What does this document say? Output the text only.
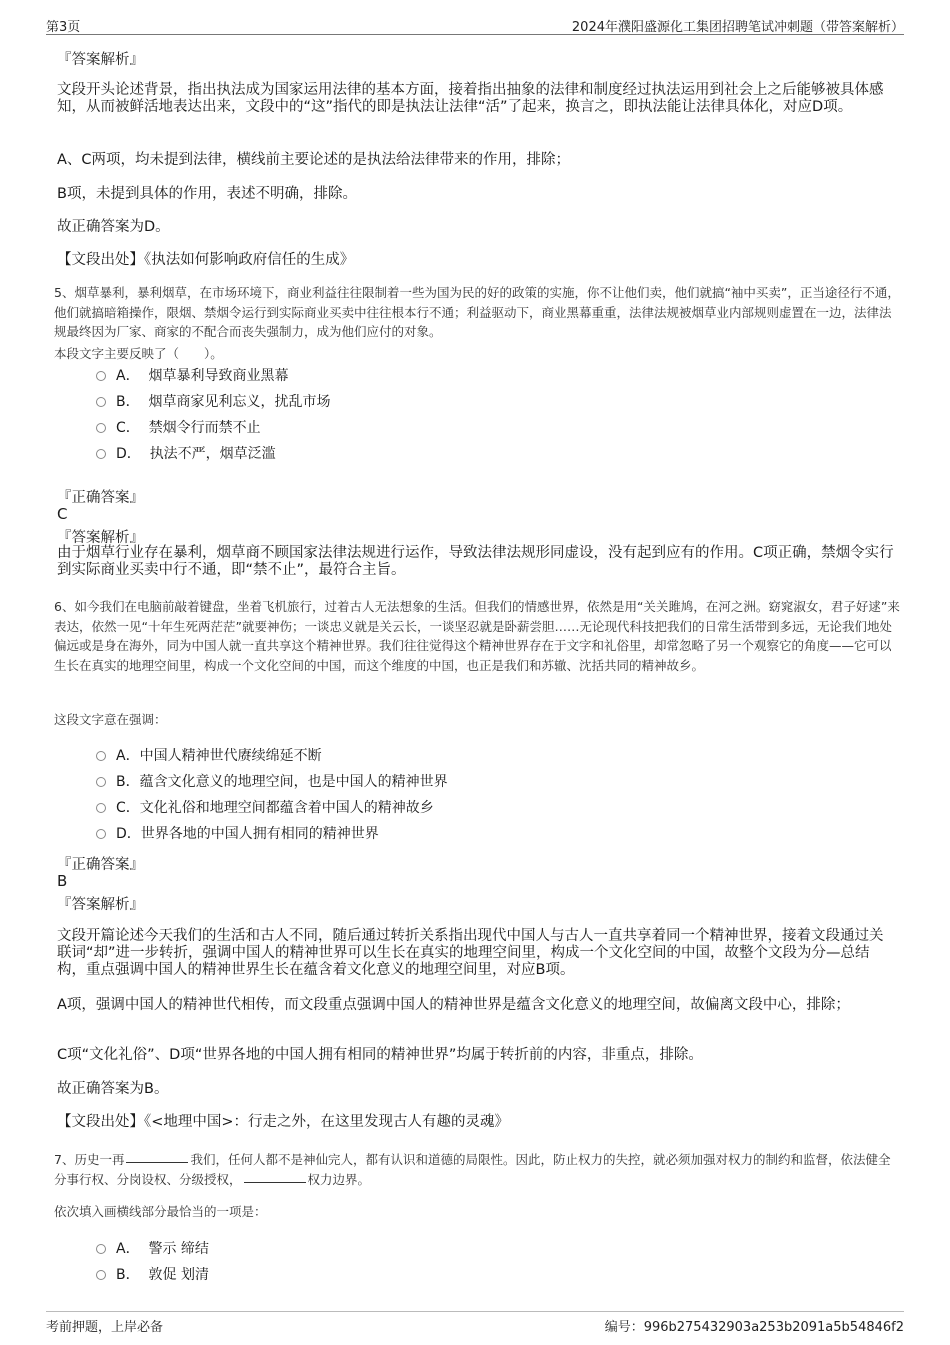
第3页	2024年濮阳盛源化工集团招聘笔试冲刺题（带答案解析）

『答案解析』

文段开头论述背景，指出执法成为国家运用法律的基本方面，接着指出抽象的法律和制度经过执法运用到社会上之后能够被具体感知，从而被鲜活地表达出来，文段中的“这”指代的即是执法让法律“活”了起来，换言之，即执法能让法律具体化，对应D项。

A、C两项，均未提到法律，横线前主要论述的是执法给法律带来的作用，排除；

B项，未提到具体的作用，表述不明确，排除。

故正确答案为D。

【文段出处】《执法如何影响政府信任的生成》

5、烟草暴利，暴利烟草，在市场环境下，商业利益往往限制着一些为国为民的好的政策的实施，你不让他们卖，他们就搞“袖中买卖”，正当途径行不通，他们就搞暗箱操作，限烟、禁烟令运行到实际商业买卖中往往根本行不通；利益驱动下，商业黑幕重重，法律法规被烟草业内部规则虚置在一边，法律法规最终因为厂家、商家的不配合而丧失强制力，成为他们应付的对象。

本段文字主要反映了（　　）。

A． 烟草暴利导致商业黑幕
B． 烟草商家见利忘义，扰乱市场
C． 禁烟令行而禁不止
D． 执法不严，烟草泛滥

『正确答案』

C

『答案解析』

由于烟草行业存在暴利，烟草商不顾国家法律法规进行运作，导致法律法规形同虚设，没有起到应有的作用。C项正确，禁烟令实行到实际商业买卖中行不通，即“禁不止”，最符合主旨。

6、如今我们在电脑前敲着键盘，坐着飞机旅行，过着古人无法想象的生活。但我们的情感世界，依然是用“关关雎鸠，在河之洲。窈窕淑女，君子好逑”来表达，依然一见“十年生死两茫茫”就要神伤；一谈忠义就是关云长，一谈坚忍就是卧薪尝胆……无论现代科技把我们的日常生活带到多远，无论我们地处偏远或是身在海外，同为中国人就一直共享这个精神世界。我们往往觉得这个精神世界存在于文字和礼俗里，却常忽略了另一个观察它的角度——它可以生长在真实的地理空间里，构成一个文化空间的中国，而这个维度的中国，也正是我们和苏辙、沈括共同的精神故乡。

这段文字意在强调：

A．中国人精神世代赓续绵延不断
B．蕴含文化意义的地理空间，也是中国人的精神世界
C．文化礼俗和地理空间都蕴含着中国人的精神故乡
D．世界各地的中国人拥有相同的精神世界

『正确答案』

B

『答案解析』

文段开篇论述今天我们的生活和古人不同，随后通过转折关系指出现代中国人与古人一直共享着同一个精神世界，接着文段通过关联词“却”进一步转折，强调中国人的精神世界可以生长在真实的地理空间里，构成一个文化空间的中国，故整个文段为分—总结构，重点强调中国人的精神世界生长在蕴含着文化意义的地理空间里，对应B项。

A项，强调中国人的精神世代相传，而文段重点强调中国人的精神世界是蕴含文化意义的地理空间，故偏离文段中心，排除；

C项“文化礼俗”、D项“世界各地的中国人拥有相同的精神世界”均属于转折前的内容，非重点，排除。

故正确答案为B。

【文段出处】《<地理中国>：行走之外，在这里发现古人有趣的灵魂》

7、历史一再	我们，任何人都不是神仙完人，都有认识和道德的局限性。因此，防止权力的失控，就必须加强对权力的制约和监督，依法健全分事行权、分岗设权、分级授权，	权力边界。

依次填入画横线部分最恰当的一项是：

A． 警示 缔结
B． 敦促 划清
考前押题，上岸必备	编号：996b275432903a253b2091a5b54846f2
